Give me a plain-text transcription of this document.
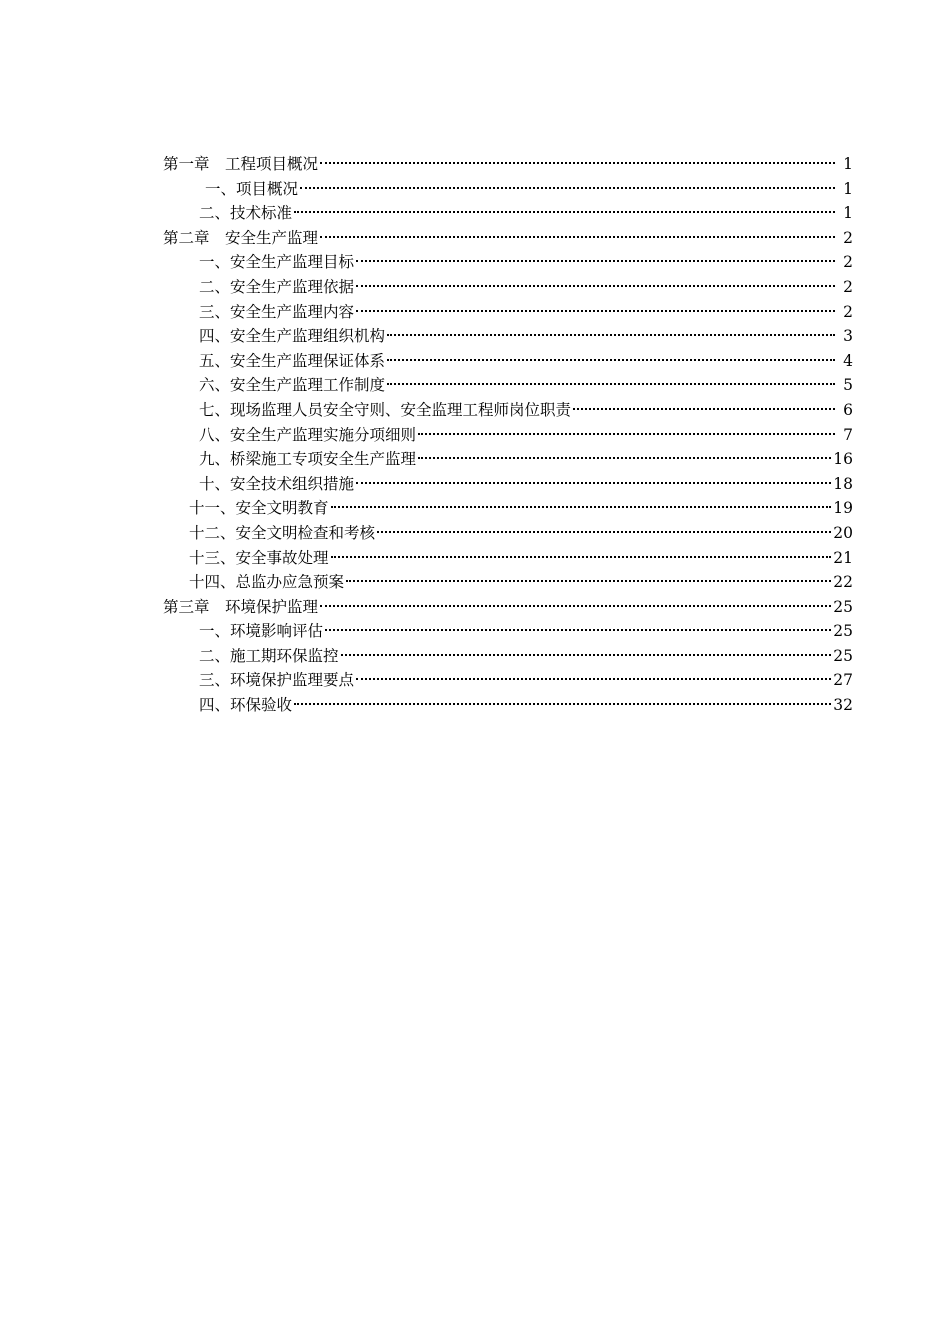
第一章　工程项目概况	1
一、项目概况	1
二、技术标准	1
第二章　安全生产监理	2
一、安全生产监理目标	2
二、安全生产监理依据	2
三、安全生产监理内容	2
四、安全生产监理组织机构	3
五、安全生产监理保证体系	4
六、安全生产监理工作制度	5
七、现场监理人员安全守则、安全监理工程师岗位职责	6
八、安全生产监理实施分项细则	7
九、桥梁施工专项安全生产监理	16
十、安全技术组织措施	18
十一、安全文明教育	19
十二、安全文明检查和考核	20
十三、安全事故处理	21
十四、总监办应急预案	22
第三章　环境保护监理	25
一、环境影响评估	25
二、施工期环保监控	25
三、环境保护监理要点	27
四、环保验收	32
